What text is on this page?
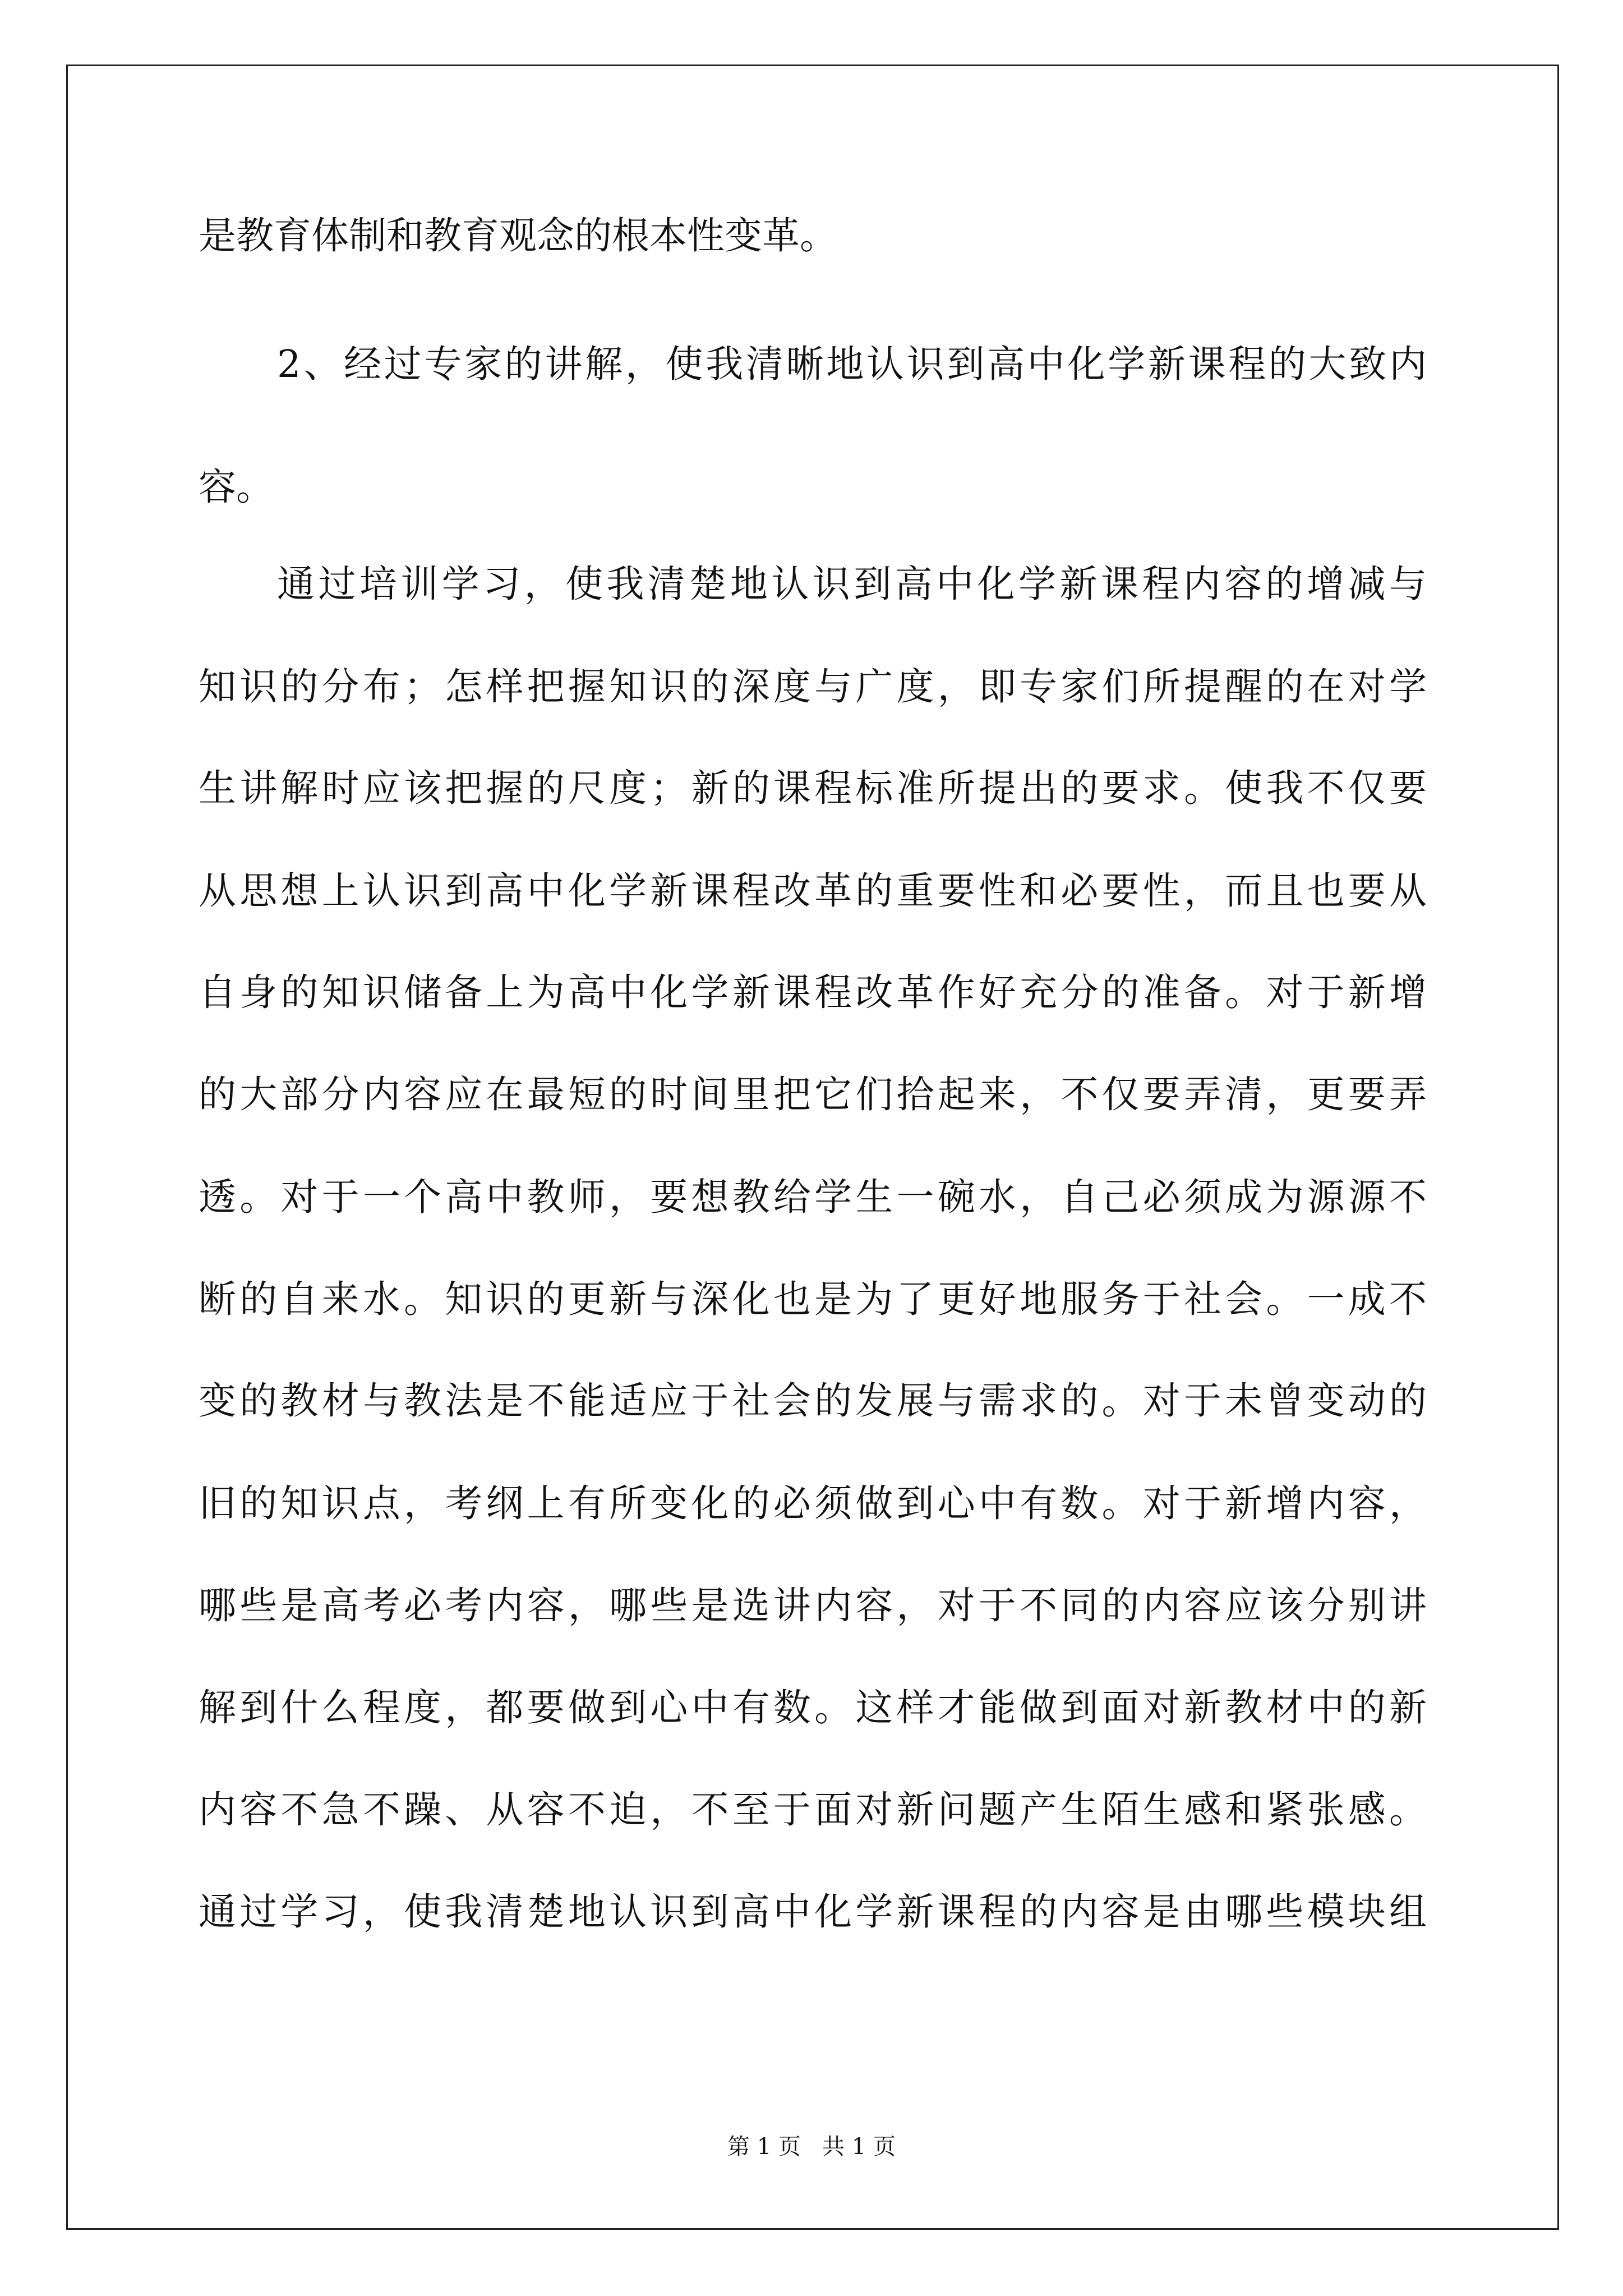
是教育体制和教育观念的根本性变革。
2、经过专家的讲解，使我清晰地认识到高中化学新课程的大致内
容。
通过培训学习，使我清楚地认识到高中化学新课程内容的增减与
知识的分布；怎样把握知识的深度与广度，即专家们所提醒的在对学
生讲解时应该把握的尺度；新的课程标准所提出的要求。使我不仅要
从思想上认识到高中化学新课程改革的重要性和必要性，而且也要从
自身的知识储备上为高中化学新课程改革作好充分的准备。对于新增
的大部分内容应在最短的时间里把它们拾起来，不仅要弄清，更要弄
透。对于一个高中教师，要想教给学生一碗水，自己必须成为源源不
断的自来水。知识的更新与深化也是为了更好地服务于社会。一成不
变的教材与教法是不能适应于社会的发展与需求的。对于未曾变动的
旧的知识点，考纲上有所变化的必须做到心中有数。对于新增内容，
哪些是高考必考内容，哪些是选讲内容，对于不同的内容应该分别讲
解到什么程度，都要做到心中有数。这样才能做到面对新教材中的新
内容不急不躁、从容不迫，不至于面对新问题产生陌生感和紧张感。
通过学习，使我清楚地认识到高中化学新课程的内容是由哪些模块组
第 1 页   共 1 页
